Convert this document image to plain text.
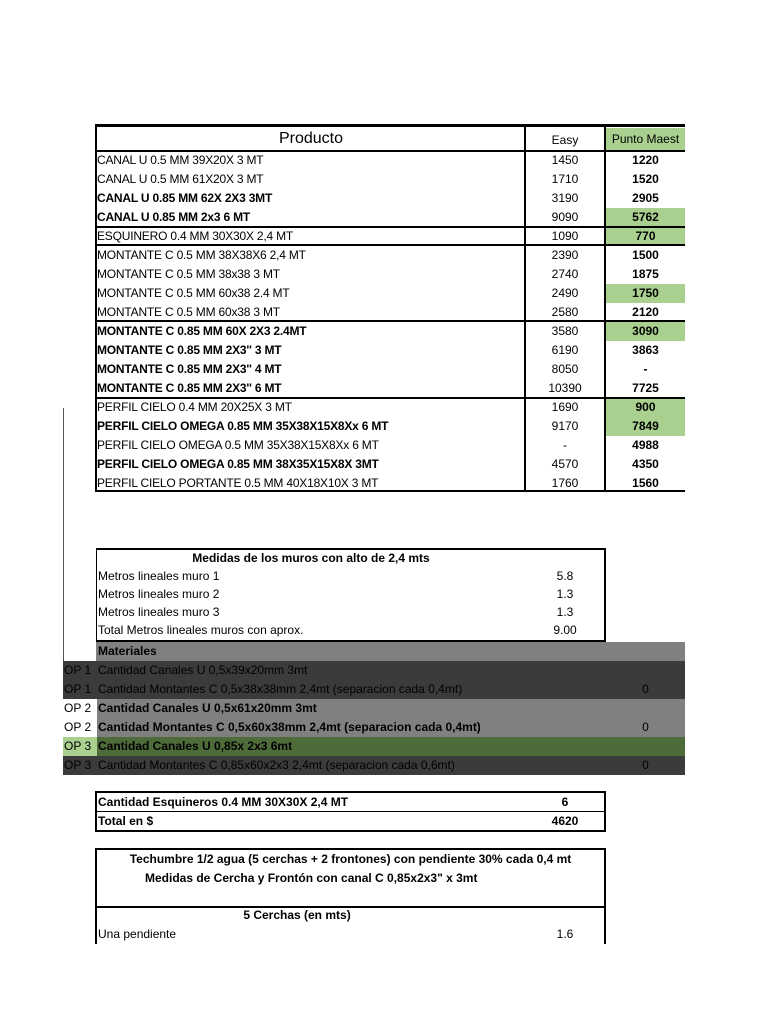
Producto	Easy	Punto Maest
CANAL U 0.5 MM 39X20X 3 MT	1450	1220
CANAL U 0.5 MM 61X20X 3 MT	1710	1520
CANAL U 0.85 MM 62X 2X3 3MT	3190	2905
CANAL U 0.85 MM 2x3 6 MT	9090	5762
ESQUINERO 0.4 MM 30X30X 2,4 MT	1090	770
MONTANTE C 0.5 MM 38X38X6 2,4 MT	2390	1500
MONTANTE C 0.5 MM 38x38 3 MT	2740	1875
MONTANTE C 0.5 MM 60x38 2.4 MT	2490	1750
MONTANTE C 0.5 MM 60x38 3 MT	2580	2120
MONTANTE C 0.85 MM 60X 2X3 2.4MT	3580	3090
MONTANTE C 0.85 MM 2X3'' 3 MT	6190	3863
MONTANTE C 0.85 MM 2X3'' 4 MT	8050	-
MONTANTE C 0.85 MM 2X3'' 6 MT	10390	7725
PERFIL CIELO 0.4 MM 20X25X 3 MT	1690	900
PERFIL CIELO OMEGA 0.85 MM 35X38X15X8Xx 6 MT	9170	7849
PERFIL CIELO OMEGA 0.5 MM 35X38X15X8Xx 6 MT	-	4988
PERFIL CIELO OMEGA 0.85 MM 38X35X15X8X 3MT	4570	4350
PERFIL CIELO PORTANTE 0.5 MM 40X18X10X 3 MT	1760	1560
Medidas de los muros con alto de 2,4 mts
Metros lineales muro 1	5.8
Metros lineales muro 2	1.3
Metros lineales muro 3	1.3
Total Metros lineales muros con aprox.	9.00
Materiales
OP 1 Cantidad Canales U 0,5x39x20mm 3mt
OP 1 Cantidad Montantes C 0,5x38x38mm 2,4mt (separacion cada 0,4mt)	0
OP 2 Cantidad Canales U 0,5x61x20mm 3mt
OP 2 Cantidad Montantes C 0,5x60x38mm 2,4mt (separacion cada 0,4mt)	0
OP 3 Cantidad Canales U 0,85x 2x3 6mt
OP 3 Cantidad Montantes C 0,85x60x2x3 2,4mt (separacion cada 0,6mt)	0
Cantidad Esquineros 0.4 MM 30X30X 2,4 MT	6
Total en $	4620
Techumbre 1/2 agua (5 cerchas + 2 frontones) con pendiente 30% cada 0,4 mt
Medidas de Cercha y Frontón con canal C 0,85x2x3" x 3mt
5 Cerchas (en mts)
Una pendiente	1.6
